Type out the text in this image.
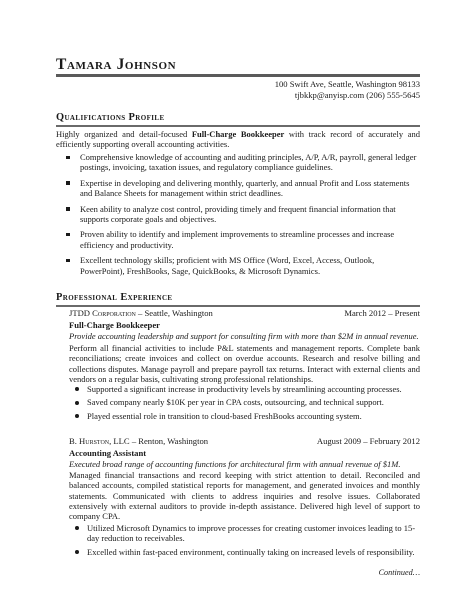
Tamara Johnson
100 Swift Ave, Seattle, Washington 98133
tjbkkp@anyisp.com (206) 555-5645
Qualifications Profile
Highly organized and detail-focused Full-Charge Bookkeeper with track record of accurately and efficiently supporting overall accounting activities.
Comprehensive knowledge of accounting and auditing principles, A/P, A/R, payroll, general ledger postings, invoicing, taxation issues, and regulatory compliance guidelines.
Expertise in developing and delivering monthly, quarterly, and annual Profit and Loss statements and Balance Sheets for management within strict deadlines.
Keen ability to analyze cost control, providing timely and frequent financial information that supports corporate goals and objectives.
Proven ability to identify and implement improvements to streamline processes and increase efficiency and productivity.
Excellent technology skills; proficient with MS Office (Word, Excel, Access, Outlook, PowerPoint), FreshBooks, Sage, QuickBooks, & Microsoft Dynamics.
Professional Experience
JTDD Corporation – Seattle, Washington	March 2012 – Present
Full-Charge Bookkeeper
Provide accounting leadership and support for consulting firm with more than $2M in annual revenue.
Perform all financial activities to include P&L statements and management reports. Complete bank reconciliations; create invoices and collect on overdue accounts. Research and resolve billing and collections disputes. Manage payroll and prepare payroll tax returns. Interact with external clients and vendors on a regular basis, cultivating strong professional relationships.
Supported a significant increase in productivity levels by streamlining accounting processes.
Saved company nearly $10K per year in CPA costs, outsourcing, and technical support.
Played essential role in transition to cloud-based FreshBooks accounting system.
B. Hurston, LLC – Renton, Washington	August 2009 – February 2012
Accounting Assistant
Executed broad range of accounting functions for architectural firm with annual revenue of $1M.
Managed financial transactions and record keeping with strict attention to detail. Reconciled and balanced accounts, compiled statistical reports for management, and generated invoices and monthly statements. Communicated with clients to address inquiries and resolve issues. Collaborated extensively with external auditors to provide in-depth assistance. Delivered high level of support to company CPA.
Utilized Microsoft Dynamics to improve processes for creating customer invoices leading to 15-day reduction to receivables.
Excelled within fast-paced environment, continually taking on increased levels of responsibility.
Continued…
